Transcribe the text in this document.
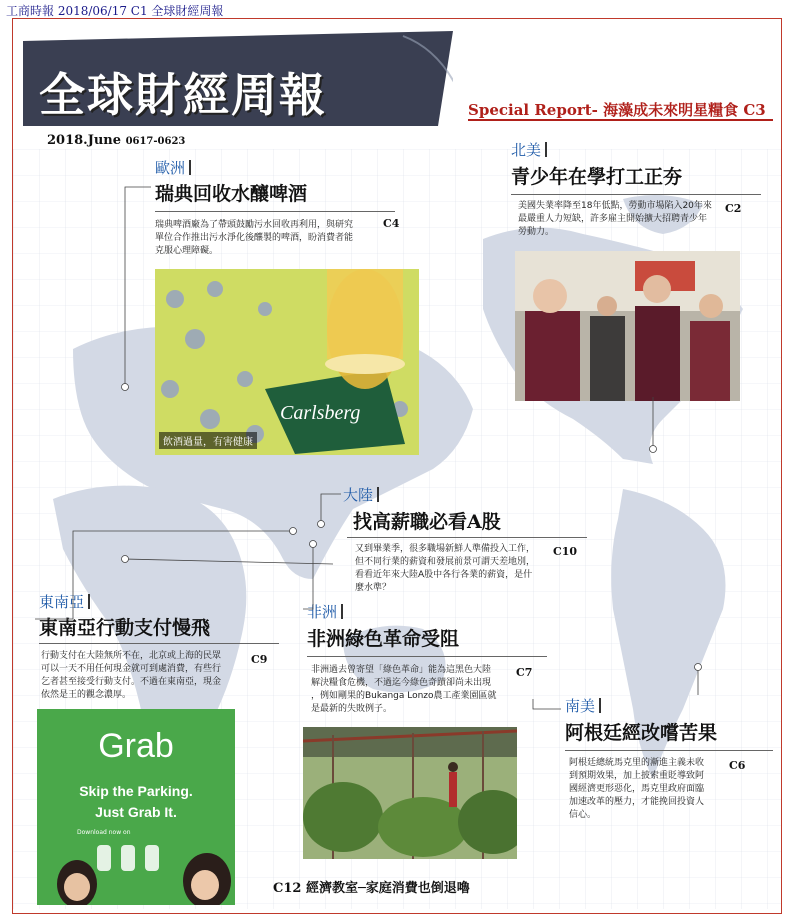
工商時報 2018/06/17 C1 全球財經周報
全球財經周報	Special Report- 海藻成未來明星糧食 C3
2018.June 0617-0623
歐洲
瑞典回收水釀啤酒
瑞典啤酒廠為了帶頭鼓勵污水回收再利用，與研究
單位合作推出污水淨化後釀製的啤酒，盼消費者能
克服心理障礙。
C4
Carlsberg
飲酒過量，有害健康
北美
青少年在學打工正夯
美國失業率降至18年低點，勞動市場陷入20年來
最嚴重人力短缺，許多雇主開始擴大招聘青少年
勞動力。
C2
大陸
找高薪職必看A股
又到畢業季，很多職場新鮮人準備投入工作，
但不同行業的薪資和發展前景可謂天差地別，
看看近年來大陸A股中各行各業的薪資，是什
麼水準？
C10
東南亞
東南亞行動支付慢飛
行動支付在大陸無所不在，北京或上海的民眾
可以一天不用任何現金就可到處消費，有些行
乞者甚至接受行動支付。不過在東南亞，現金
依然是王的觀念濃厚。
C9
Grab
Skip the Parking.
Just Grab It.
Download now on
非洲
非洲綠色革命受阻
非洲過去曾寄望「綠色革命」能為這黑色大陸
解決糧食危機，不過迄今綠色奇蹟卻尚未出現
，例如剛果的Bukanga Lonzo農工產業園區就
是最新的失敗例子。
C7
南美
阿根廷經改嚐苦果
阿根廷總統馬克里的漸進主義未收
到預期效果，加上披索重貶導致阿
國經濟更形惡化，馬克里政府面臨
加速改革的壓力，才能挽回投資人
信心。
C6
C12 經濟教室─家庭消費也倒退嚕
